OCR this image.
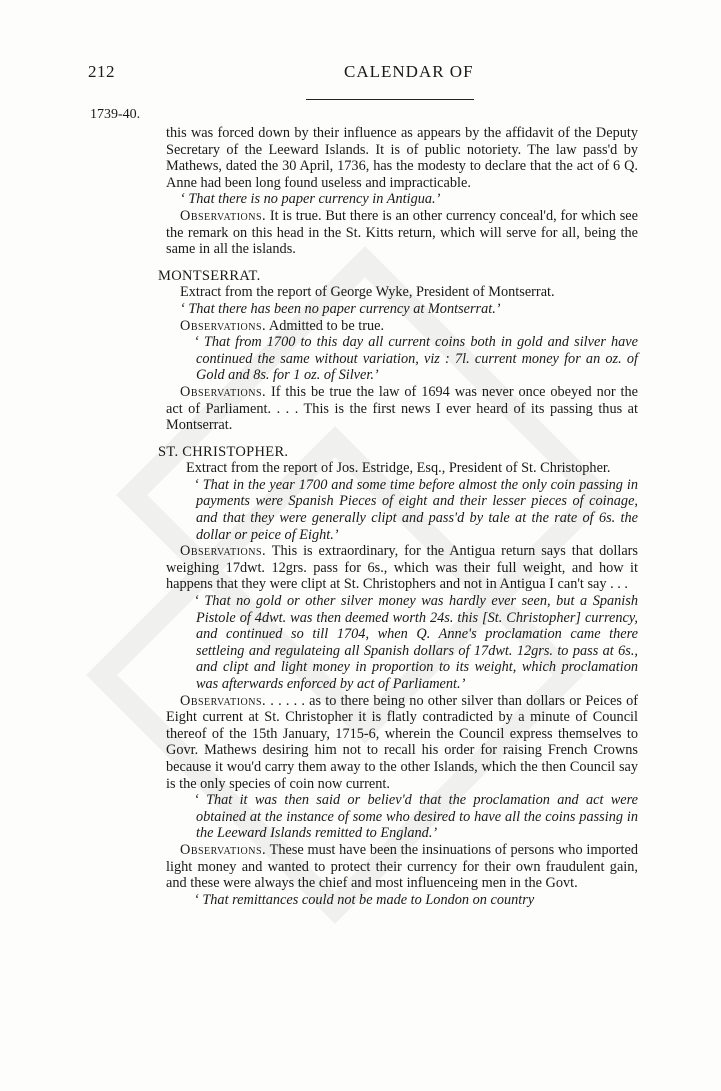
212	CALENDAR OF
1739-40.

this was forced down by their influence as appears by the affidavit of the Deputy Secretary of the Leeward Islands. It is of public notoriety. The law pass'd by Mathews, dated the 30 April, 1736, has the modesty to declare that the act of 6 Q. Anne had been long found useless and impracticable.

‘ That there is no paper currency in Antigua.’

Observations. It is true. But there is an other currency conceal'd, for which see the remark on this head in the St. Kitts return, which will serve for all, being the same in all the islands.

MONTSERRAT.

Extract from the report of George Wyke, President of Montserrat.

‘ That there has been no paper currency at Montserrat.’

Observations. Admitted to be true.

‘ That from 1700 to this day all current coins both in gold and silver have continued the same without variation, viz : 7l. current money for an oz. of Gold and 8s. for 1 oz. of Silver.’

Observations. If this be true the law of 1694 was never once obeyed nor the act of Parliament. . . . This is the first news I ever heard of its passing thus at Montserrat.

ST. CHRISTOPHER.

Extract from the report of Jos. Estridge, Esq., President of St. Christopher.

‘ That in the year 1700 and some time before almost the only coin passing in payments were Spanish Pieces of eight and their lesser pieces of coinage, and that they were generally clipt and pass'd by tale at the rate of 6s. the dollar or peice of Eight.’

Observations. This is extraordinary, for the Antigua return says that dollars weighing 17dwt. 12grs. pass for 6s., which was their full weight, and how it happens that they were clipt at St. Christophers and not in Antigua I can't say . . .

‘ That no gold or other silver money was hardly ever seen, but a Spanish Pistole of 4dwt. was then deemed worth 24s. this [St. Christopher] currency, and continued so till 1704, when Q. Anne's proclamation came there settleing and regulateing all Spanish dollars of 17dwt. 12grs. to pass at 6s., and clipt and light money in proportion to its weight, which proclamation was afterwards enforced by act of Parliament.’

Observations. . . . . . as to there being no other silver than dollars or Peices of Eight current at St. Christopher it is flatly contradicted by a minute of Council thereof of the 15th January, 1715-6, wherein the Council express themselves to Govr. Mathews desiring him not to recall his order for raising French Crowns because it wou'd carry them away to the other Islands, which the then Council say is the only species of coin now current.

‘ That it was then said or believ'd that the proclamation and act were obtained at the instance of some who desired to have all the coins passing in the Leeward Islands remitted to England.’

Observations. These must have been the insinuations of persons who imported light money and wanted to protect their currency for their own fraudulent gain, and these were always the chief and most influenceing men in the Govt.

‘ That remittances could not be made to London on country
